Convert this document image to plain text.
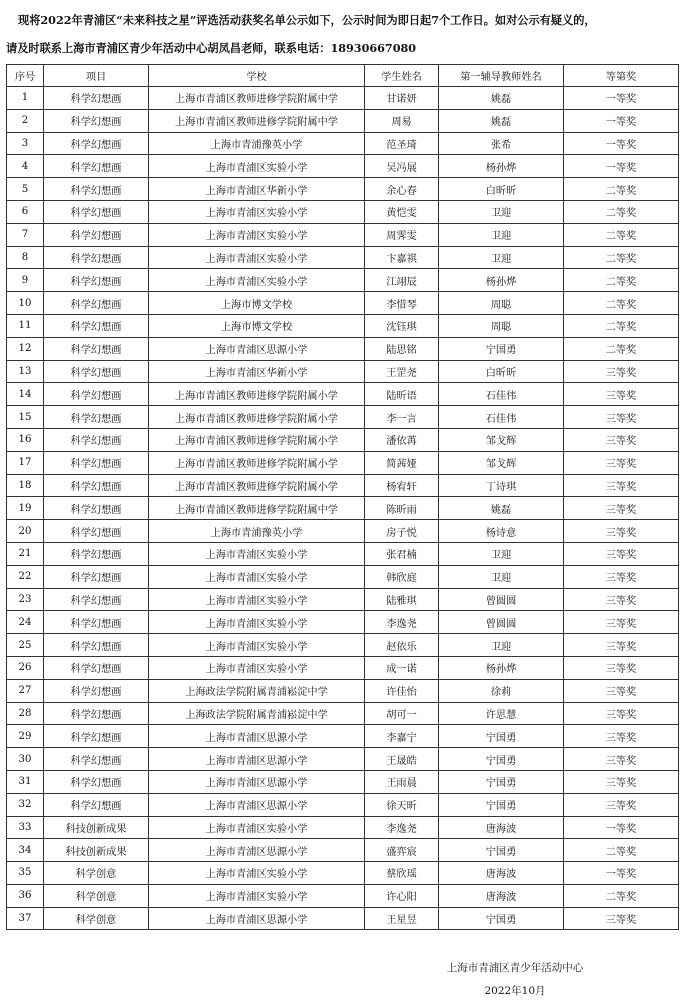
现将2022年青浦区“未来科技之星”评选活动获奖名单公示如下，公示时间为即日起7个工作日。如对公示有疑义的，
请及时联系上海市青浦区青少年活动中心胡凤昌老师，联系电话：18930667080
序号	项目	学校	学生姓名	第一辅导教师姓名	等第奖
1	科学幻想画	上海市青浦区教师进修学院附属中学	甘诺妍	姚磊	一等奖
2	科学幻想画	上海市青浦区教师进修学院附属中学	周易	姚磊	一等奖
3	科学幻想画	上海市青浦豫英小学	范圣琦	张希	一等奖
4	科学幻想画	上海市青浦区实验小学	吴冯展	杨孙烨	一等奖
5	科学幻想画	上海市青浦区华新小学	余心春	白昕昕	二等奖
6	科学幻想画	上海市青浦区实验小学	黄恺雯	卫迎	二等奖
7	科学幻想画	上海市青浦区实验小学	周霁雯	卫迎	二等奖
8	科学幻想画	上海市青浦区实验小学	卞嘉祺	卫迎	二等奖
9	科学幻想画	上海市青浦区实验小学	江翊辰	杨孙烨	二等奖
10	科学幻想画	上海市博文学校	李惜琴	周聪	二等奖
11	科学幻想画	上海市博文学校	沈钰琪	周聪	二等奖
12	科学幻想画	上海市青浦区思源小学	陆思铭	宁国勇	二等奖
13	科学幻想画	上海市青浦区华新小学	王罡尧	白昕昕	三等奖
14	科学幻想画	上海市青浦区教师进修学院附属小学	陆昕语	石佳伟	三等奖
15	科学幻想画	上海市青浦区教师进修学院附属小学	李一言	石佳伟	三等奖
16	科学幻想画	上海市青浦区教师进修学院附属小学	潘依苒	邹戈辉	三等奖
17	科学幻想画	上海市青浦区教师进修学院附属小学	简茜娅	邹戈辉	三等奖
18	科学幻想画	上海市青浦区教师进修学院附属小学	杨宥轩	丁诗琪	三等奖
19	科学幻想画	上海市青浦区教师进修学院附属中学	陈昕雨	姚磊	三等奖
20	科学幻想画	上海市青浦豫英小学	房子悦	杨诗意	三等奖
21	科学幻想画	上海市青浦区实验小学	张君楠	卫迎	三等奖
22	科学幻想画	上海市青浦区实验小学	韩欣庭	卫迎	三等奖
23	科学幻想画	上海市青浦区实验小学	陆雅琪	曾圆圆	三等奖
24	科学幻想画	上海市青浦区实验小学	李逸尧	曾圆圆	三等奖
25	科学幻想画	上海市青浦区实验小学	赵依乐	卫迎	三等奖
26	科学幻想画	上海市青浦区实验小学	成一诺	杨孙烨	三等奖
27	科学幻想画	上海政法学院附属青浦崧淀中学	许佳怡	徐莉	三等奖
28	科学幻想画	上海政法学院附属青浦崧淀中学	胡可一	许思慧	三等奖
29	科学幻想画	上海市青浦区思源小学	李嘉宁	宁国勇	三等奖
30	科学幻想画	上海市青浦区思源小学	王晟皓	宁国勇	三等奖
31	科学幻想画	上海市青浦区思源小学	王雨晨	宁国勇	三等奖
32	科学幻想画	上海市青浦区思源小学	徐天昕	宁国勇	三等奖
33	科技创新成果	上海市青浦区实验小学	李逸尧	唐海波	一等奖
34	科技创新成果	上海市青浦区思源小学	盛弈宸	宁国勇	二等奖
35	科学创意	上海市青浦区实验小学	蔡欣瑶	唐海波	一等奖
36	科学创意	上海市青浦区实验小学	许心阳	唐海波	二等奖
37	科学创意	上海市青浦区思源小学	王星昱	宁国勇	三等奖
上海市青浦区青少年活动中心
2022年10月
